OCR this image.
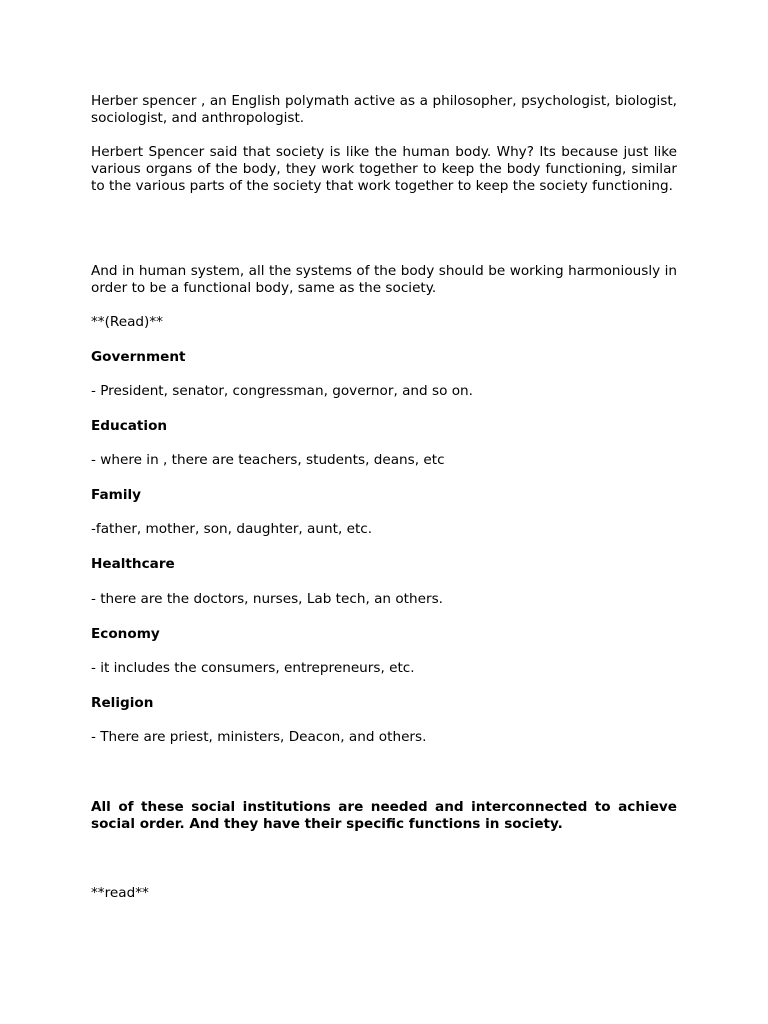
Herber spencer , an English polymath active as a philosopher, psychologist, biologist, sociologist, and anthropologist.

Herbert Spencer said that society is like the human body. Why? Its because just like various organs of the body, they work together to keep the body functioning, similar to the various parts of the society that work together to keep the society functioning.

And in human system, all the systems of the body should be working harmoniously in order to be a functional body, same as the society.

**(Read)**

Government

- President, senator, congressman, governor, and so on.

Education

- where in , there are teachers, students, deans, etc

Family

-father, mother, son, daughter, aunt, etc.

Healthcare

- there are the doctors, nurses, Lab tech, an others.

Economy

- it includes the consumers, entrepreneurs, etc.

Religion

- There are priest, ministers, Deacon, and others.

All of these social institutions are needed and interconnected to achieve social order. And they have their specific functions in society.

**read**
